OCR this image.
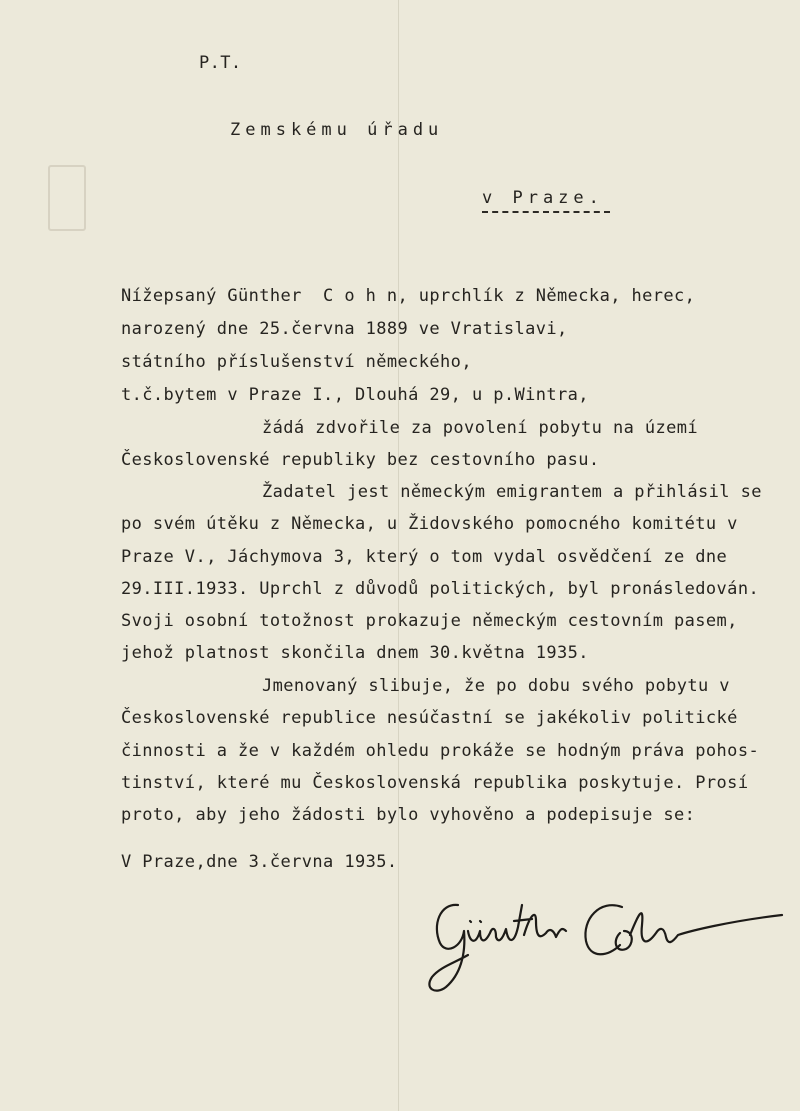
P.T.
Zemskému úřadu
v Praze.
Nížepsaný Günther  C o h n, uprchlík z Německa, herec,
narozený dne 25.června 1889 ve Vratislavi,
státního příslušenství německého,
t.č.bytem v Praze I., Dlouhá 29, u p.Wintra,
žádá zdvořile za povolení pobytu na území
Československé republiky bez cestovního pasu.
Žadatel jest německým emigrantem a přihlásil se
po svém útěku z Německa, u Židovského pomocného komitétu v
Praze V., Jáchymova 3, který o tom vydal osvědčení ze dne
29.III.1933. Uprchl z důvodů politických, byl pronásledován.
Svoji osobní totožnost prokazuje německým cestovním pasem,
jehož platnost skončila dnem 30.května 1935.
Jmenovaný slibuje, že po dobu svého pobytu v
Československé republice nesúčastní se jakékoliv politické
činnosti a že v každém ohledu prokáže se hodným práva pohos-
tinství, které mu Československá republika poskytuje. Prosí
proto, aby jeho žádosti bylo vyhověno a podepisuje se:
V Praze,dne 3.června 1935.
